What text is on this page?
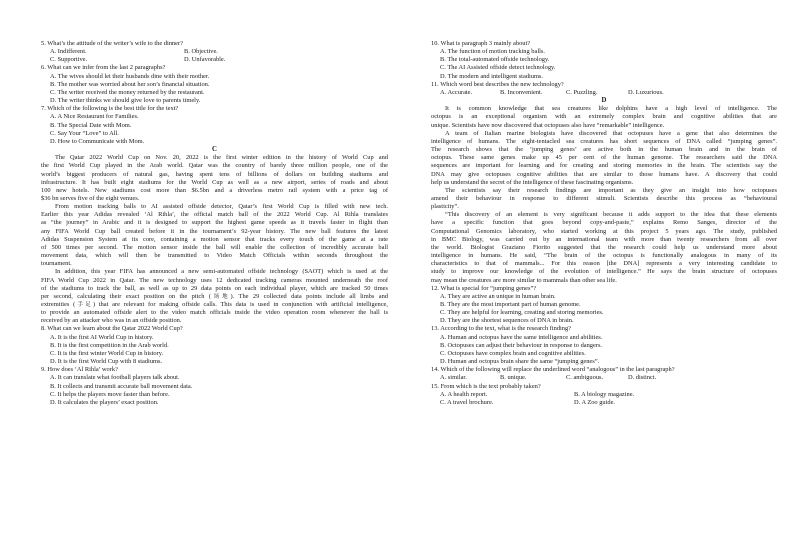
5. What’s the attitude of the writer’s wife to the dinner?
A. Indifferent.	B. Objective.
C. Supportive.	D. Unfavorable.
6. What can we infer from the last 2 paragraphs?
A. The wives should let their husbands dine with their mother.
B. The mother was worried about her son’s financial situation.
C. The writer received the money returned by the restaurant.
D. The writer thinks we should give love to parents timely.
7. Which of the following is the best title for the text?
A. A Nice Restaurant for Families.
B. The Special Date with Mom.
C. Say Your “Love” to All.
D. How to Communicate with Mom.
C
The Qatar 2022 World Cup on Nov. 20, 2022 is the first winter edition in the history of World Cup and
the first World Cup played in the Arab world. Qatar was the country of barely three million people, one of the
world’s biggest producers of natural gas, having spent tens of billions of dollars on building stadiums and
infrastructure. It has built eight stadiums for the World Cup as well as a new airport, series of roads and about
100 new hotels. New stadiums cost more than $6.5bn and a driverless metro rail system with a price tag of
$36 bn serves five of the eight venues.
From motion tracking balls to AI assisted offside detector, Qatar’s first World Cup is filled with new tech.
Earlier this year Adidas revealed ‘Al Rihla’, the official match ball of the 2022 World Cup. Al Rihla translates
as “the journey” in Arabic and it is designed to support the highest game speeds as it travels faster in flight than
any FIFA World Cup ball created before it in the tournament’s 92-year history. The new ball features the latest
Adidas Suspension System at its core, containing a motion sensor that tracks every touch of the game at a rate
of 500 times per second. The motion sensor inside the ball will enable the collection of incredibly accurate ball
movement data, which will then be transmitted to Video Match Officials within seconds throughout the
tournament.
In addition, this year FIFA has announced a new semi-automated offside technology (SAOT) which is used at the
FIFA World Cup 2022 in Qatar. The new technology uses 12 dedicated tracking cameras mounted underneath the roof
of the stadiums to track the ball, as well as up to 29 data points on each individual player, which are tracked 50 times
per second, calculating their exact position on the pitch (场地). The 29 collected data points include all limbs and
extremities (手足) that are relevant for making offside calls. This data is used in conjunction with artificial intelligence,
to provide an automated offside alert to the video match officials inside the video operation room whenever the ball is
received by an attacker who was in an offside position.
8. What can we learn about the Qatar 2022 World Cup?
A. It is the first AI World Cup in history.
B. It is the first competition in the Arab world.
C. It is the first winter World Cup in history.
D. It is the first World Cup with 8 stadiums.
9. How does ‘Al Rihla’ work?
A. It can translate what football players talk about.
B. It collects and transmit accurate ball movement data.
C. It helps the players move faster than before.
D. It calculates the players’ exact position.
10. What is paragraph 3 mainly about?
A. The function of motion tracking balls.
B. The total-automated offside technology.
C. The AI Assisted offside detect technology.
D. The modern and intelligent stadiums.
11. Which word best describes the new technology?
A. Accurate.	B. Inconvenient.	C. Puzzling.	D. Luxurious.
D
It is common knowledge that sea creatures like dolphins have a high level of intelligence. The
octopus is an exceptional organism with an extremely complex brain and cognitive abilities that are
unique. Scientists have now discovered that octopuses also have “remarkable” intelligence.
A team of Italian marine biologists have discovered that octopuses have a gene that also determines the
intelligence of humans. The eight-tentacled sea creatures has short sequences of DNA called “jumping genes”.
The research shows that the ‘jumping genes’ are active both in the human brain and in the brain of
octopus. These same genes make up 45 per cent of the human genome. The researchers said the DNA
sequences are important for learning and for creating and storing memories in the brain. The scientists say the
DNA may give octopuses cognitive abilities that are similar to those humans have. A discovery that could
help us understand the secret of the intelligence of these fascinating organisms.
The scientists say their research findings are important as they give an insight into how octopuses
amend their behaviour in response to different stimuli. Scientists describe this process as “behavioural
plasticity”.
“This discovery of an element is very significant because it adds support to the idea that these elements
have a specific function that goes beyond copy-and-paste,” explains Remo Sanges, director of the
Computational Genomics laboratory, who started working at this project 5 years ago. The study, published
in BMC Biology, was carried out by an international team with more than twenty researchers from all over
the world. Biologist Graziano Fiorito suggested that the research could help us understand more about
intelligence in humans. He said, “The brain of the octopus is functionally analogous in many of its
characteristics to that of mammals... For this reason [the DNA] represents a very interesting candidate to
study to improve our knowledge of the evolution of intelligence.” He says the brain structure of octopuses
may mean the creatures are more similar to mammals than other sea life.
12. What is special for “jumping genes”?
A. They are active an unique in human brain.
B. They are the most important part of human genome.
C. They are helpful for learning, creating and storing memories.
D. They are the shortest sequences of DNA in brain.
13. According to the text, what is the research finding?
A. Human and octopus have the same intelligence and abilities.
B. Octopuses can adjust their behaviour in response to dangers.
C. Octopuses have complex brain and cognitive abilities.
D. Human and octopus brain share the same “jumping genes”.
14. Which of the following will replace the underlined word “analogous” in the last paragraph?
A. similar.	B. unique.	C. ambiguous.	D. distinct.
15. From which is the text probably taken?
A. A health report.	B. A biology magazine.
C. A travel brochure.	D. A Zoo guide.
